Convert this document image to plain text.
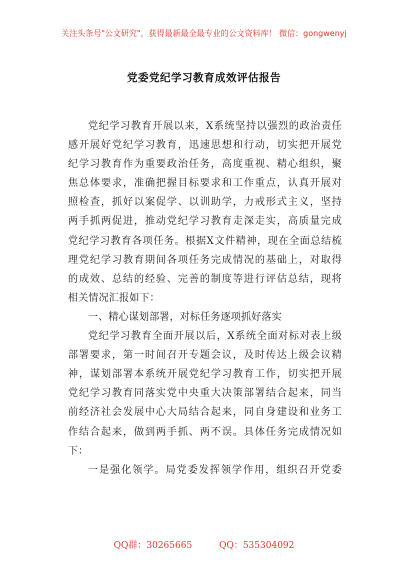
关注头条号"公文研究"，获得最新最全最专业的公文资料库！ 微信：gongwenyj
党委党纪学习教育成效评估报告
党纪学习教育开展以来，X系统坚持以强烈的政治责任
感开展好党纪学习教育，迅速思想和行动，切实把开展党
纪学习教育作为重要政治任务，高度重视、精心组织，聚
焦总体要求，准确把握目标要求和工作重点，认真开展对
照检查，抓好以案促学、以训助学，力戒形式主义，坚持
两手抓两促进，推动党纪学习教育走深走实，高质量完成
党纪学习教育各项任务。根据X文件精神，现在全面总结梳
理党纪学习教育期间各项任务完成情况的基础上，对取得
的成效、总结的经验、完善的制度等进行评估总结，现将
相关情况汇报如下：
一、精心谋划部署，对标任务逐项抓好落实
党纪学习教育全面开展以后，X系统全面对标对表上级
部署要求，第一时间召开专题会议，及时传达上级会议精
神，谋划部署本系统开展党纪学习教育工作，切实把开展
党纪学习教育同落实党中央重大决策部署结合起来，同当
前经济社会发展中心大局结合起来，同自身建设和业务工
作结合起来，做到两手抓、两不误。具体任务完成情况如
下：
一是强化领学。局党委发挥领学作用，组织召开党委
QQ群：30265665	QQ：535304092
